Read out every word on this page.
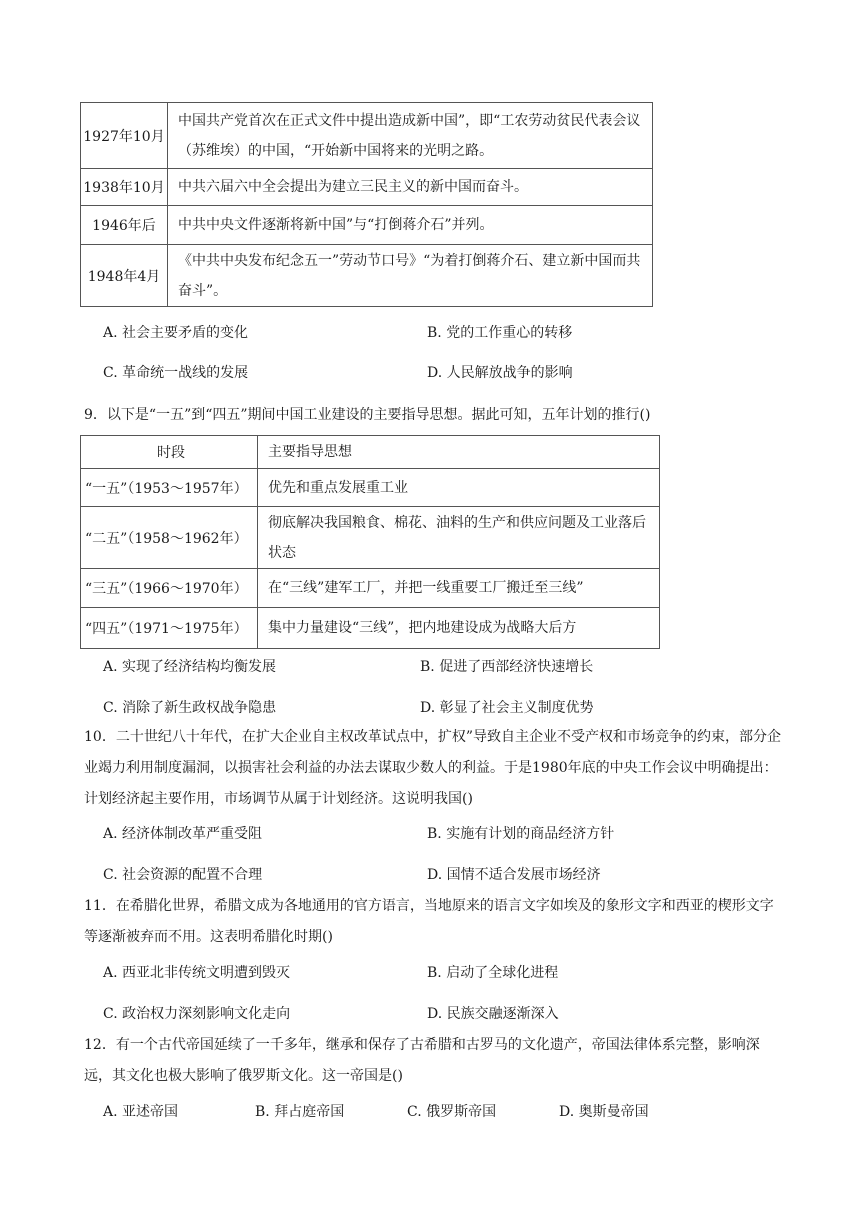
1927年10月	中国共产党首次在正式文件中提出造成新中国”，即“工农劳动贫民代表会议（苏维埃）的中国，“开始新中国将来的光明之路。
1938年10月	中共六届六中全会提出为建立三民主义的新中国而奋斗。
1946年后	中共中央文件逐渐将新中国”与“打倒蒋介石”并列。
1948年4月	《中共中央发布纪念五一”劳动节口号》“为着打倒蒋介石、建立新中国而共奋斗”。
A. 社会主要矛盾的变化	B. 党的工作重心的转移
C. 革命统一战线的发展	D. 人民解放战争的影响
9．以下是“一五”到“四五”期间中国工业建设的主要指导思想。据此可知，五年计划的推行()
时段	主要指导思想
“一五”（1953～1957年）	优先和重点发展重工业
“二五”（1958～1962年）	彻底解决我国粮食、棉花、油料的生产和供应问题及工业落后状态
“三五”（1966～1970年）	在“三线”建军工厂，并把一线重要工厂搬迁至三线”
“四五”（1971～1975年）	集中力量建设“三线”，把内地建设成为战略大后方
A. 实现了经济结构均衡发展	B. 促进了西部经济快速增长
C. 消除了新生政权战争隐患	D. 彰显了社会主义制度优势
10．二十世纪八十年代，在扩大企业自主权改革试点中，扩权”导致自主企业不受产权和市场竞争的约束，部分企业竭力利用制度漏洞，以损害社会利益的办法去谋取少数人的利益。于是1980年底的中央工作会议中明确提出：计划经济起主要作用，市场调节从属于计划经济。这说明我国()
A. 经济体制改革严重受阻	B. 实施有计划的商品经济方针
C. 社会资源的配置不合理	D. 国情不适合发展市场经济
11．在希腊化世界，希腊文成为各地通用的官方语言，当地原来的语言文字如埃及的象形文字和西亚的楔形文字等逐渐被弃而不用。这表明希腊化时期()
A. 西亚北非传统文明遭到毁灭	B. 启动了全球化进程
C. 政治权力深刻影响文化走向	D. 民族交融逐渐深入
12．有一个古代帝国延续了一千多年，继承和保存了古希腊和古罗马的文化遗产，帝国法律体系完整，影响深远，其文化也极大影响了俄罗斯文化。这一帝国是()
A. 亚述帝国	B. 拜占庭帝国	C. 俄罗斯帝国	D. 奥斯曼帝国
